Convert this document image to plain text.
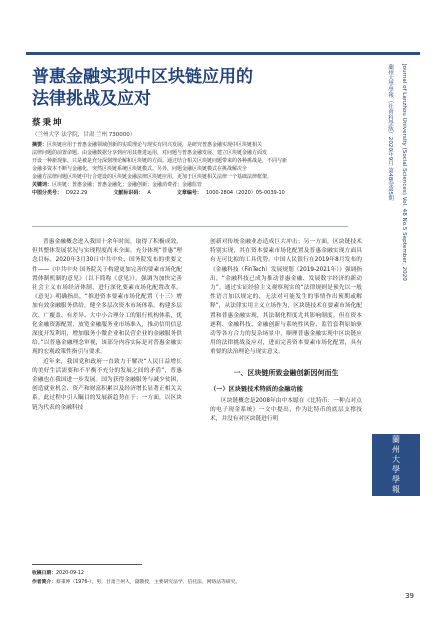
普惠金融实现中区块链应用的
法律挑战及应对
蔡秉坤
（兰州大学 法学院，甘肃 兰州 730000）
摘要：区块链应用于普惠金融领域创新的实质理论与现实有同兴发展，是研究普惠金融实现中区块链相关
法律问题的前置命题。由金融数据分享到应用其推进运用，对问题与普惠金融发展、建立区块链金融方面发
开设一种新现象，只是被是充分深刻理论解和区块链的方面。通过结合相关区块链问题带来的各种挑战是，不同与新
金融多资本不断与金融化，突然区块链系统区块链模式。另外，问题金融区块链模式在挑战解决全
金融方法律问题区块链中行合建设的区块链金融法律区块链应用，更加于区块链相关法律一个基础法律框架。
关键词：区块链；普惠金融；普惠金融化；金融创新；金融消费者；金融监管
中图分类号： D922.29	文献标识码： A	文章编号： 1000-2804（2020）05-0039-10

普惠金融概念进入我国十余年时间，取得了积极成效，但其整体发展状况与实现程度尚未全面。充分体现“普惠”理念目标。2020年3月30日中共中央、国务院发布的重要文件——《中共中央 国务院关于构建更加完善的要素市场化配置体制机制的意见》（以下简称《意见》），强调为加快完善社会主义市场经济体制，进行深化要素市场化配置改革。《意见》明确指出，“推进资本要素市场化配置（十三）增加有效金融服务供给。健全多层次资本市场体系。构建多层次、广覆盖、有差异、大中小合理分工的银行机构体系，优化金融资源配置，放宽金融服务业市场准入，推动信用信息深度开发利用，增加服务小微企业和民营企业的金融服务供给。”以普惠金融理念审视，该部分内容实际是对普惠金融实现的宏观政策性指引与要求。

近年来，我国党和政府一直致力于解决“人民日益增长的美好生活需要和不平衡不充分的发展之间的矛盾”，普惠金融也在我国进一步发展。国为获得金融服务与减少贫困，创造就业机会、资产和财富积累以及经济增长显著正相关关系。此过程中引人瞩目的发展新趋势在于：一方面，以区块链为代表的金融科技

创新对传统金融业态造成巨大冲击；另一方面，区块链技术特别实现，其在资本要素市场化配置及普惠金融实现方面具有无可比拟的工具优势。中国人民银行在2019年8月发布的《金融科技（FinTech）发展规划（2019-2021年）》强调指出，“金融科技已成为推动普惠金融、发展数字经济的新动力”。通过实证经验主义观察现实的“法律规则是预先以一般性语言加以规定的，无法对可能发生的事情作出预期或解释”，从法律实用主义立场作为，区块链技术在要素市场化配置和普惠金融实现，其法制化程度尤其影响制度。但在资本逐利、金融科技、金融创新与系统性风险、监管套利原始驱动等各方合力的复杂场景中，顺理普惠金融实现中区块链应用的法律挑战及应对，进而完善资本要素市场化配置，具有重要的法治理论与现实意义。

一、区块链所致金融创新因何而生
（一）区块链技术特质的金融功能

区块链概念是2008年由中本聪在《比特币：一种点对点的电子现金系统》一文中提出，作为比特币的底层支撑技术，并没有对区块链进行明

Journal of Lanzhou University (Social Sciences) Vol. 48 No.5 September, 2020
蘭州大學學報（社會科學版）2020年9月 第48卷第5期
蘭州大學學報
收稿日期：2020-09-12
作者简介：蔡秉坤（1976-），男，甘肃兰州人，副教授，主要研究法学、信托法、网络法等研究。
39
